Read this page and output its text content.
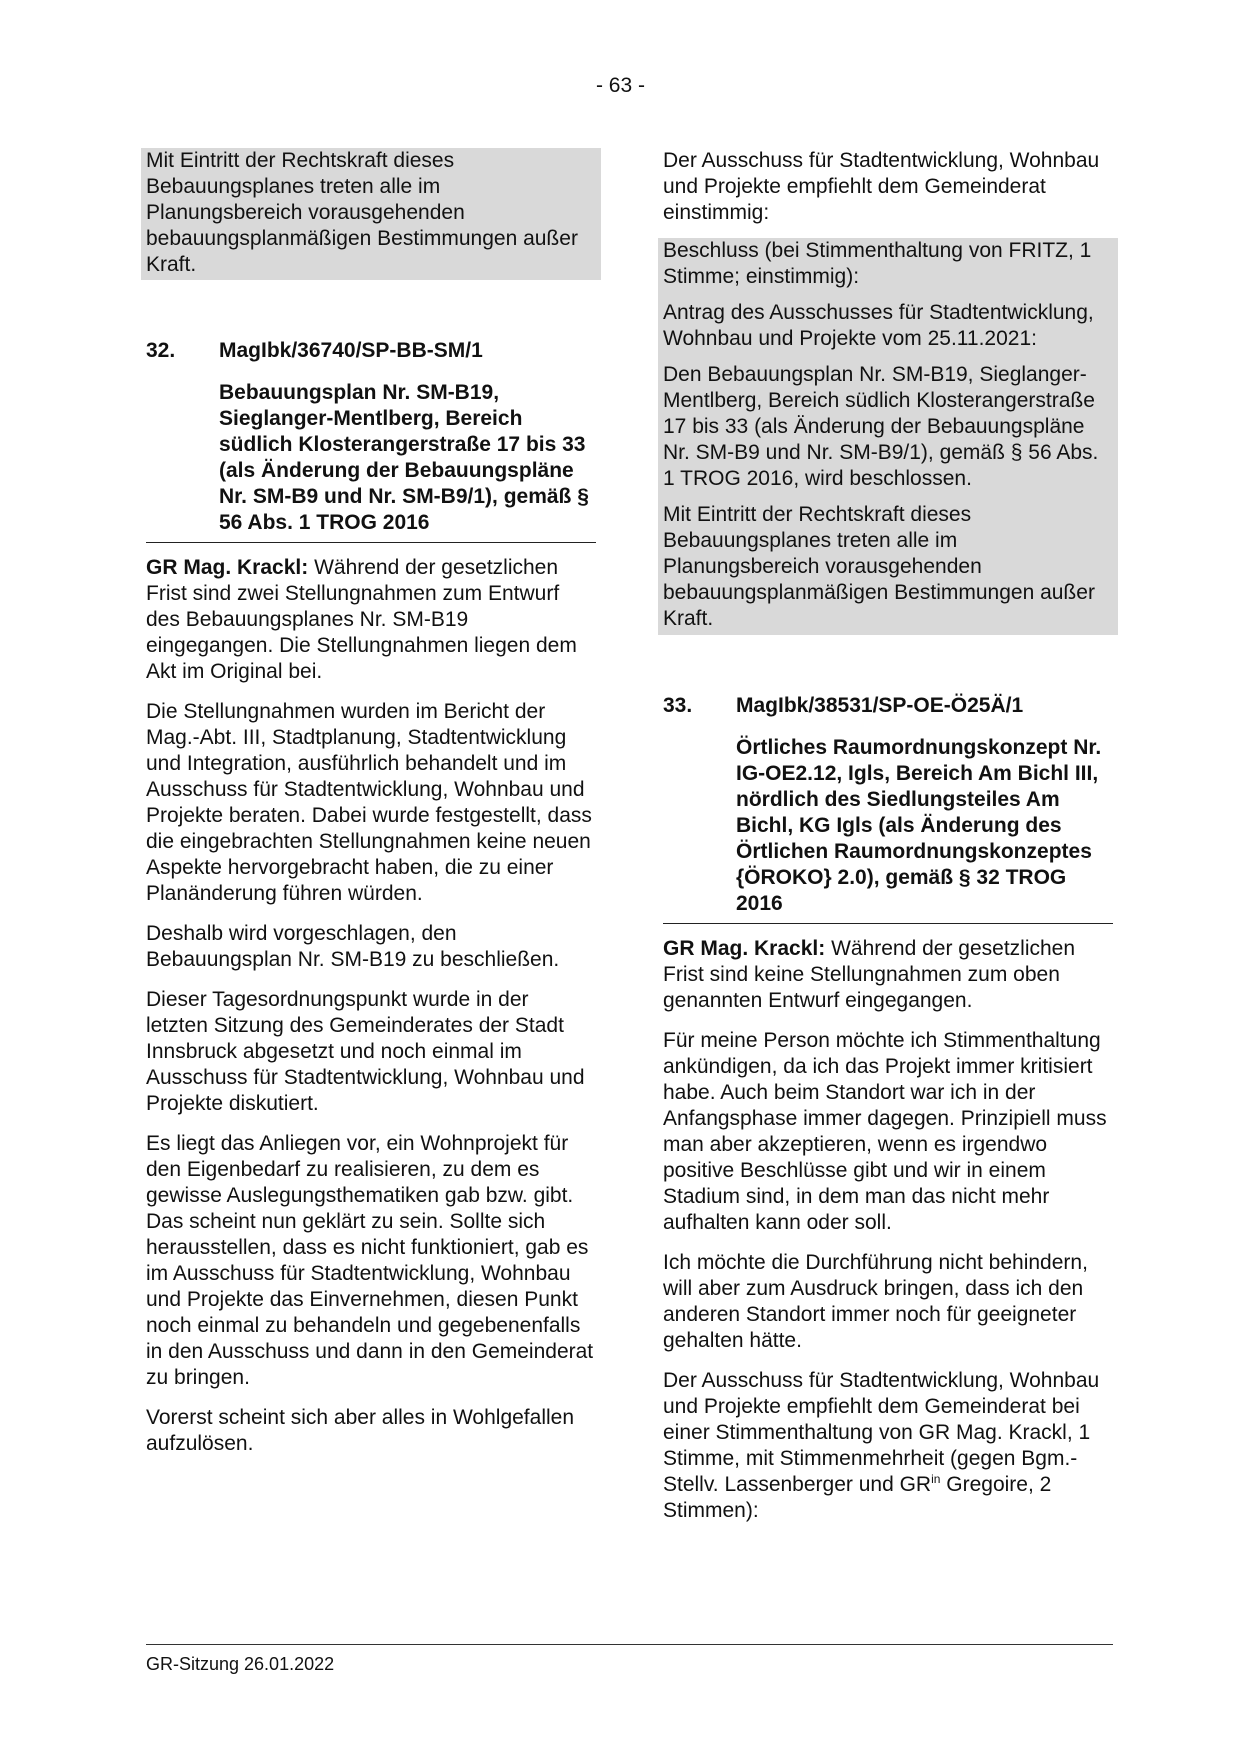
- 63 -

Mit Eintritt der Rechtskraft dieses Bebauungsplanes treten alle im Planungsbereich vorausgehenden bebauungsplanmäßigen Bestimmungen außer Kraft.

32.	MagIbk/36740/SP-BB-SM/1
Bebauungsplan Nr. SM-B19, Sieglanger-Mentlberg, Bereich südlich Klosterangerstraße 17 bis 33 (als Änderung der Bebauungspläne Nr. SM-B9 und Nr. SM-B9/1), gemäß § 56 Abs. 1 TROG 2016

GR Mag. Krackl: Während der gesetzlichen Frist sind zwei Stellungnahmen zum Entwurf des Bebauungsplanes Nr. SM-B19 eingegangen. Die Stellungnahmen liegen dem Akt im Original bei.

Die Stellungnahmen wurden im Bericht der Mag.-Abt. III, Stadtplanung, Stadtentwicklung und Integration, ausführlich behandelt und im Ausschuss für Stadtentwicklung, Wohnbau und Projekte beraten. Dabei wurde festgestellt, dass die eingebrachten Stellungnahmen keine neuen Aspekte hervorgebracht haben, die zu einer Planänderung führen würden.

Deshalb wird vorgeschlagen, den Bebauungsplan Nr. SM-B19 zu beschließen.

Dieser Tagesordnungspunkt wurde in der letzten Sitzung des Gemeinderates der Stadt Innsbruck abgesetzt und noch einmal im Ausschuss für Stadtentwicklung, Wohnbau und Projekte diskutiert.

Es liegt das Anliegen vor, ein Wohnprojekt für den Eigenbedarf zu realisieren, zu dem es gewisse Auslegungsthematiken gab bzw. gibt. Das scheint nun geklärt zu sein. Sollte sich herausstellen, dass es nicht funktioniert, gab es im Ausschuss für Stadtentwicklung, Wohnbau und Projekte das Einvernehmen, diesen Punkt noch einmal zu behandeln und gegebenenfalls in den Ausschuss und dann in den Gemeinderat zu bringen.

Vorerst scheint sich aber alles in Wohlgefallen aufzulösen.

Der Ausschuss für Stadtentwicklung, Wohnbau und Projekte empfiehlt dem Gemeinderat einstimmig:

Beschluss (bei Stimmenthaltung von FRITZ, 1 Stimme; einstimmig):

Antrag des Ausschusses für Stadtentwicklung, Wohnbau und Projekte vom 25.11.2021:

Den Bebauungsplan Nr. SM-B19, Sieglanger-Mentlberg, Bereich südlich Klosterangerstraße 17 bis 33 (als Änderung der Bebauungspläne Nr. SM-B9 und Nr. SM-B9/1), gemäß § 56 Abs. 1 TROG 2016, wird beschlossen.

Mit Eintritt der Rechtskraft dieses Bebauungsplanes treten alle im Planungsbereich vorausgehenden bebauungsplanmäßigen Bestimmungen außer Kraft.

33.	MagIbk/38531/SP-OE-Ö25Ä/1
Örtliches Raumordnungskonzept Nr. IG-OE2.12, Igls, Bereich Am Bichl III, nördlich des Siedlungsteiles Am Bichl, KG Igls (als Änderung des Örtlichen Raumordnungskonzeptes {ÖROKO} 2.0), gemäß § 32 TROG 2016

GR Mag. Krackl: Während der gesetzlichen Frist sind keine Stellungnahmen zum oben genannten Entwurf eingegangen.

Für meine Person möchte ich Stimmenthaltung ankündigen, da ich das Projekt immer kritisiert habe. Auch beim Standort war ich in der Anfangsphase immer dagegen. Prinzipiell muss man aber akzeptieren, wenn es irgendwo positive Beschlüsse gibt und wir in einem Stadium sind, in dem man das nicht mehr aufhalten kann oder soll.

Ich möchte die Durchführung nicht behindern, will aber zum Ausdruck bringen, dass ich den anderen Standort immer noch für geeigneter gehalten hätte.

Der Ausschuss für Stadtentwicklung, Wohnbau und Projekte empfiehlt dem Gemeinderat bei einer Stimmenthaltung von GR Mag. Krackl, 1 Stimme, mit Stimmenmehrheit (gegen Bgm.-Stellv. Lassenberger und $GR^{in}$ Gregoire, 2 Stimmen):

GR-Sitzung 26.01.2022
